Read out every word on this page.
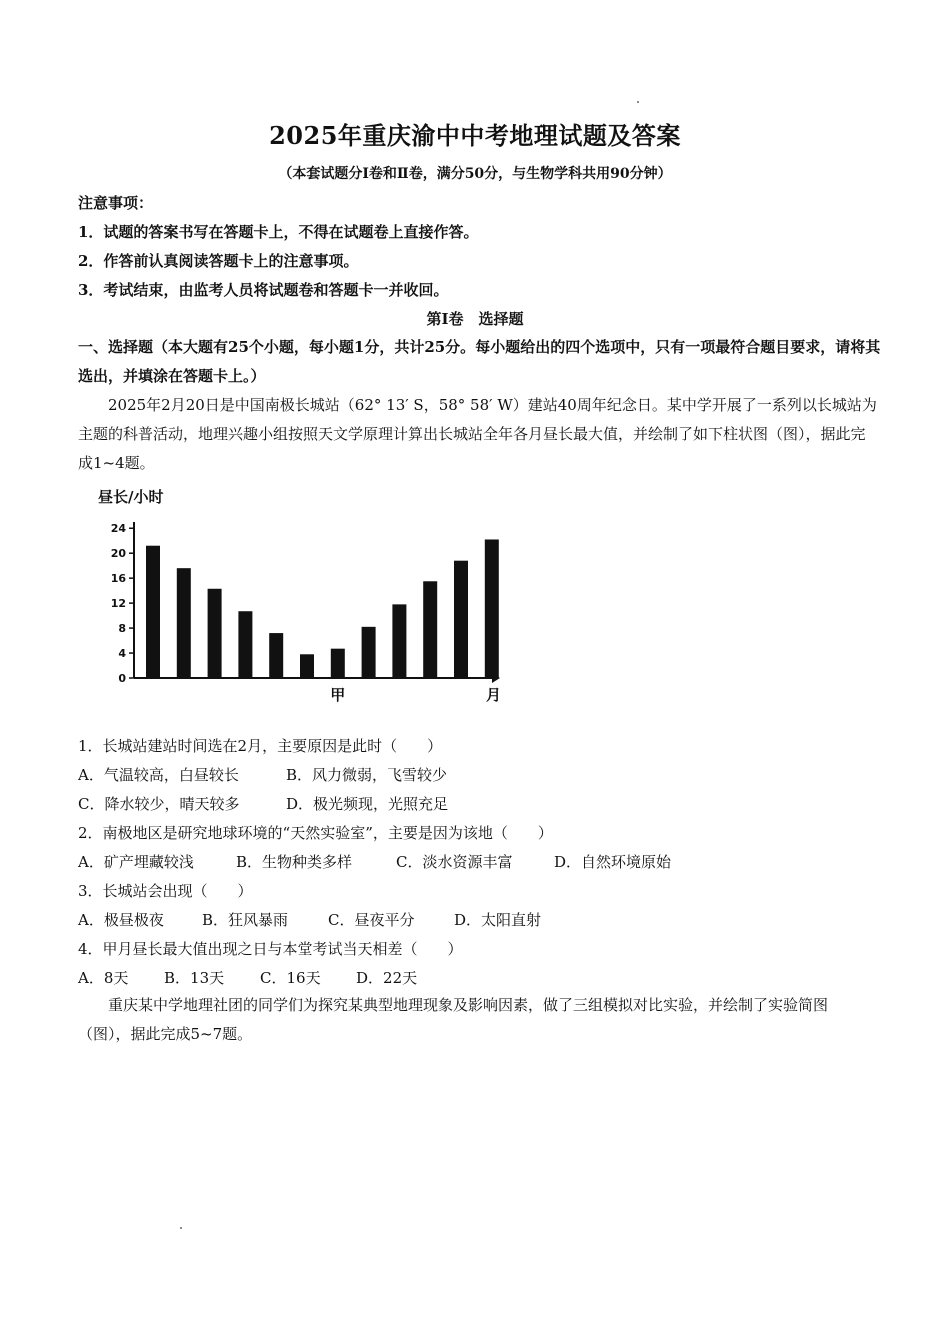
2025年重庆渝中中考地理试题及答案
（本套试题分Ⅰ卷和Ⅱ卷，满分50分，与生物学科共用90分钟）
注意事项：
1．试题的答案书写在答题卡上，不得在试题卷上直接作答。
2．作答前认真阅读答题卡上的注意事项。
3．考试结束，由监考人员将试题卷和答题卡一并收回。
第Ⅰ卷　选择题
一、选择题（本大题有25个小题，每小题1分，共计25分。每小题给出的四个选项中，只有一项最符合题目要求，请将其选出，并填涂在答题卡上。）
2025年2月20日是中国南极长城站（62° 13′ S，58° 58′ W）建站40周年纪念日。某中学开展了一系列以长城站为主题的科普活动，地理兴趣小组按照天文学原理计算出长城站全年各月昼长最大值，并绘制了如下柱状图（图），据此完成1~4题。
昼长/小时
0
4
8
12
16
20
24
甲	月
1．长城站建站时间选在2月，主要原因是此时（　　）
A．气温较高，白昼较长	B．风力微弱，飞雪较少
C．降水较少，晴天较多	D．极光频现，光照充足
2．南极地区是研究地球环境的“天然实验室”，主要是因为该地（　　）
A．矿产埋藏较浅	B．生物种类多样	C．淡水资源丰富	D．自然环境原始
3．长城站会出现（　　）
A．极昼极夜	B．狂风暴雨	C．昼夜平分	D．太阳直射
4．甲月昼长最大值出现之日与本堂考试当天相差（　　）
A．8天 B．13天 C．16天 D．22天
重庆某中学地理社团的同学们为探究某典型地理现象及影响因素，做了三组模拟对比实验，并绘制了实验简图（图），据此完成5~7题。
